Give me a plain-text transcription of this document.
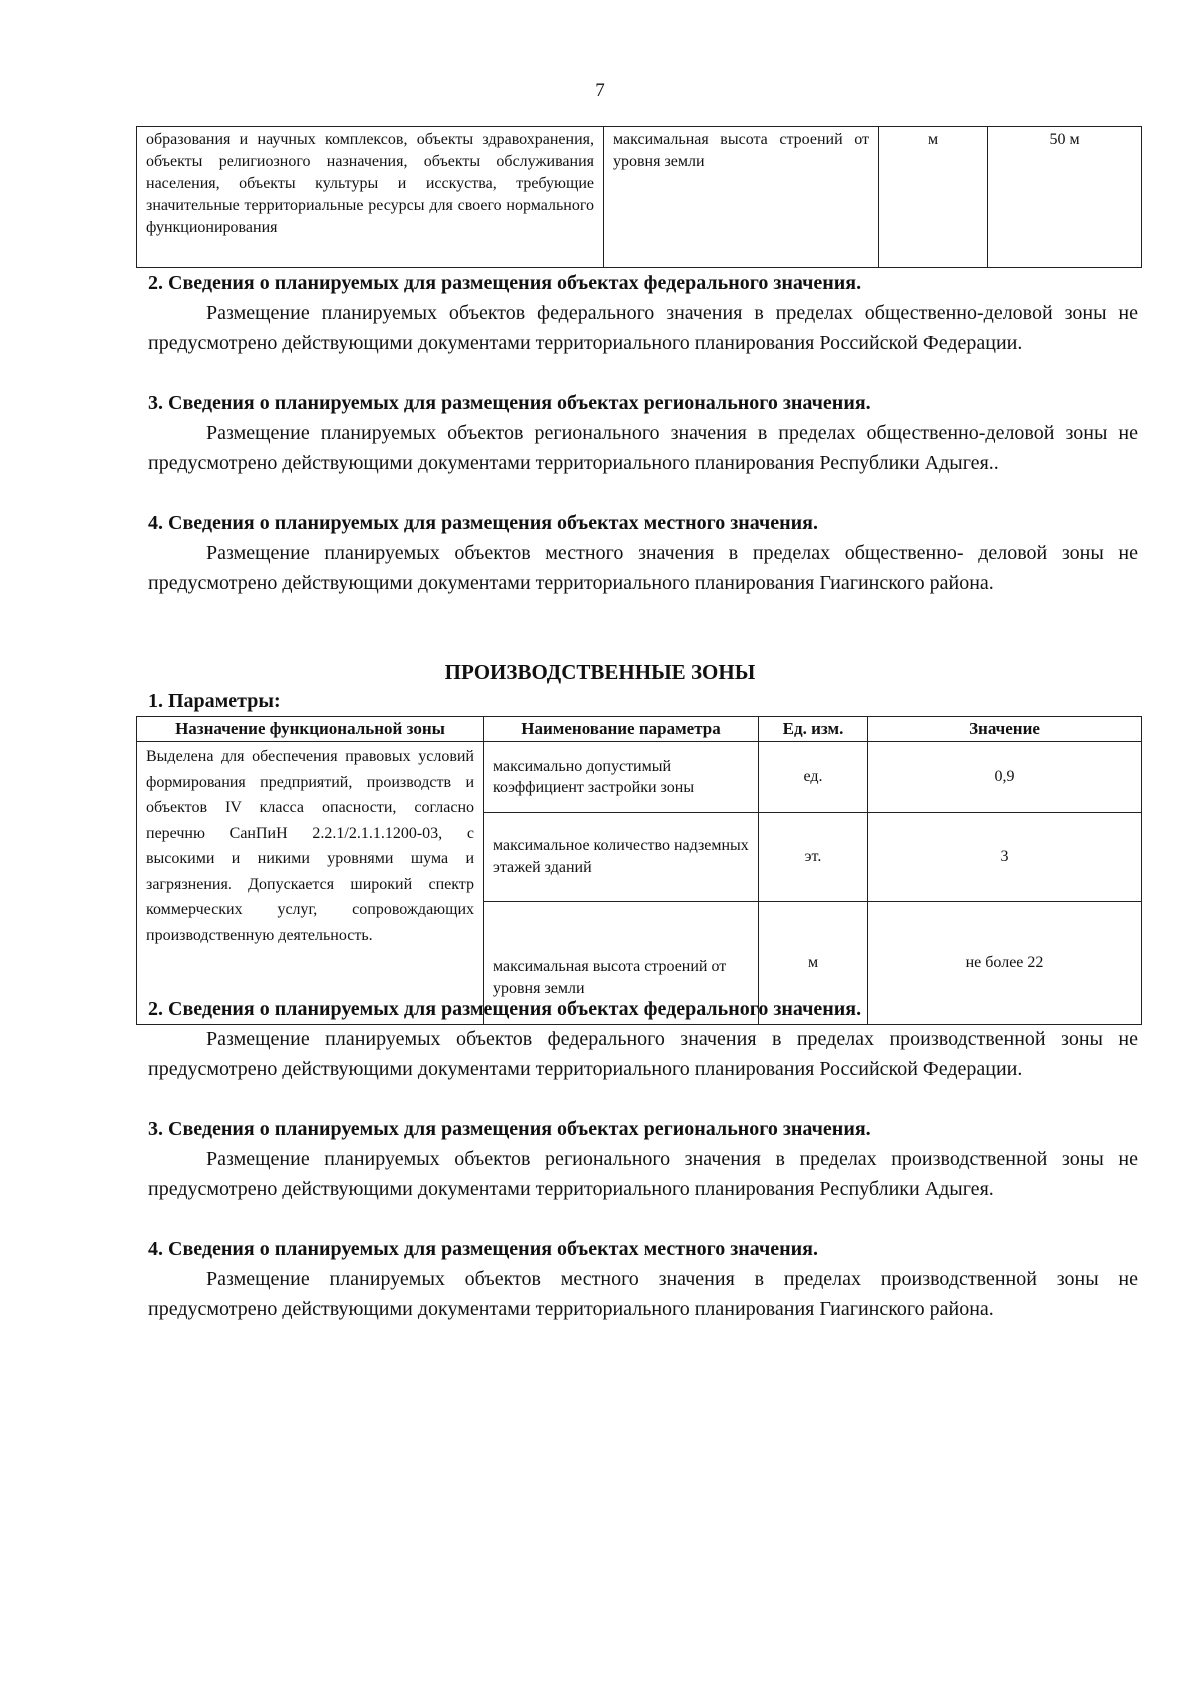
7
образования и научных комплексов, объекты здравохранения, объекты религиозного назначения, объекты обслуживания населения, объекты культуры и исскуства, требующие значительные территориальные ресурсы для своего нормального функционирования	максимальная высота строений от уровня земли	м	50 м
2. Сведения о планируемых для размещения объектах федерального значения.
Размещение планируемых объектов федерального значения в пределах общественно-деловой зоны не предусмотрено действующими документами территориального планирования Российской Федерации.
3. Сведения о планируемых для размещения объектах регионального значения.
Размещение планируемых объектов регионального значения в пределах общественно-деловой зоны не предусмотрено действующими документами территориального планирования Республики Адыгея..
4. Сведения о планируемых для размещения объектах местного значения.
Размещение планируемых объектов местного значения в пределах общественно- деловой зоны не предусмотрено действующими документами территориального планирования Гиагинского района.
ПРОИЗВОДСТВЕННЫЕ ЗОНЫ
1. Параметры:
Назначение функциональной зоны	Наименование параметра	Ед. изм.	Значение
Выделена для обеспечения правовых условий формирования предприятий, производств и объектов IV класса опасности, согласно перечню СанПиН 2.2.1/2.1.1.1200-03, с высокими и никими уровнями шума и загрязнения. Допускается широкий спектр коммерческих услуг, сопровождающих производственную деятельность.	максимально допустимый коэффициент застройки зоны	ед.	0,9
	максимальное количество надземных этажей зданий	эт.	3
	максимальная высота строений от уровня земли	м	не более 22
2. Сведения о планируемых для размещения объектах федерального значения.
Размещение планируемых объектов федерального значения в пределах производственной зоны не предусмотрено действующими документами территориального планирования Российской Федерации.
3. Сведения о планируемых для размещения объектах регионального значения.
Размещение планируемых объектов регионального значения в пределах производственной зоны не предусмотрено действующими документами территориального планирования Республики Адыгея.
4. Сведения о планируемых для размещения объектах местного значения.
Размещение планируемых объектов местного значения в пределах производственной зоны не предусмотрено действующими документами территориального планирования Гиагинского района.
